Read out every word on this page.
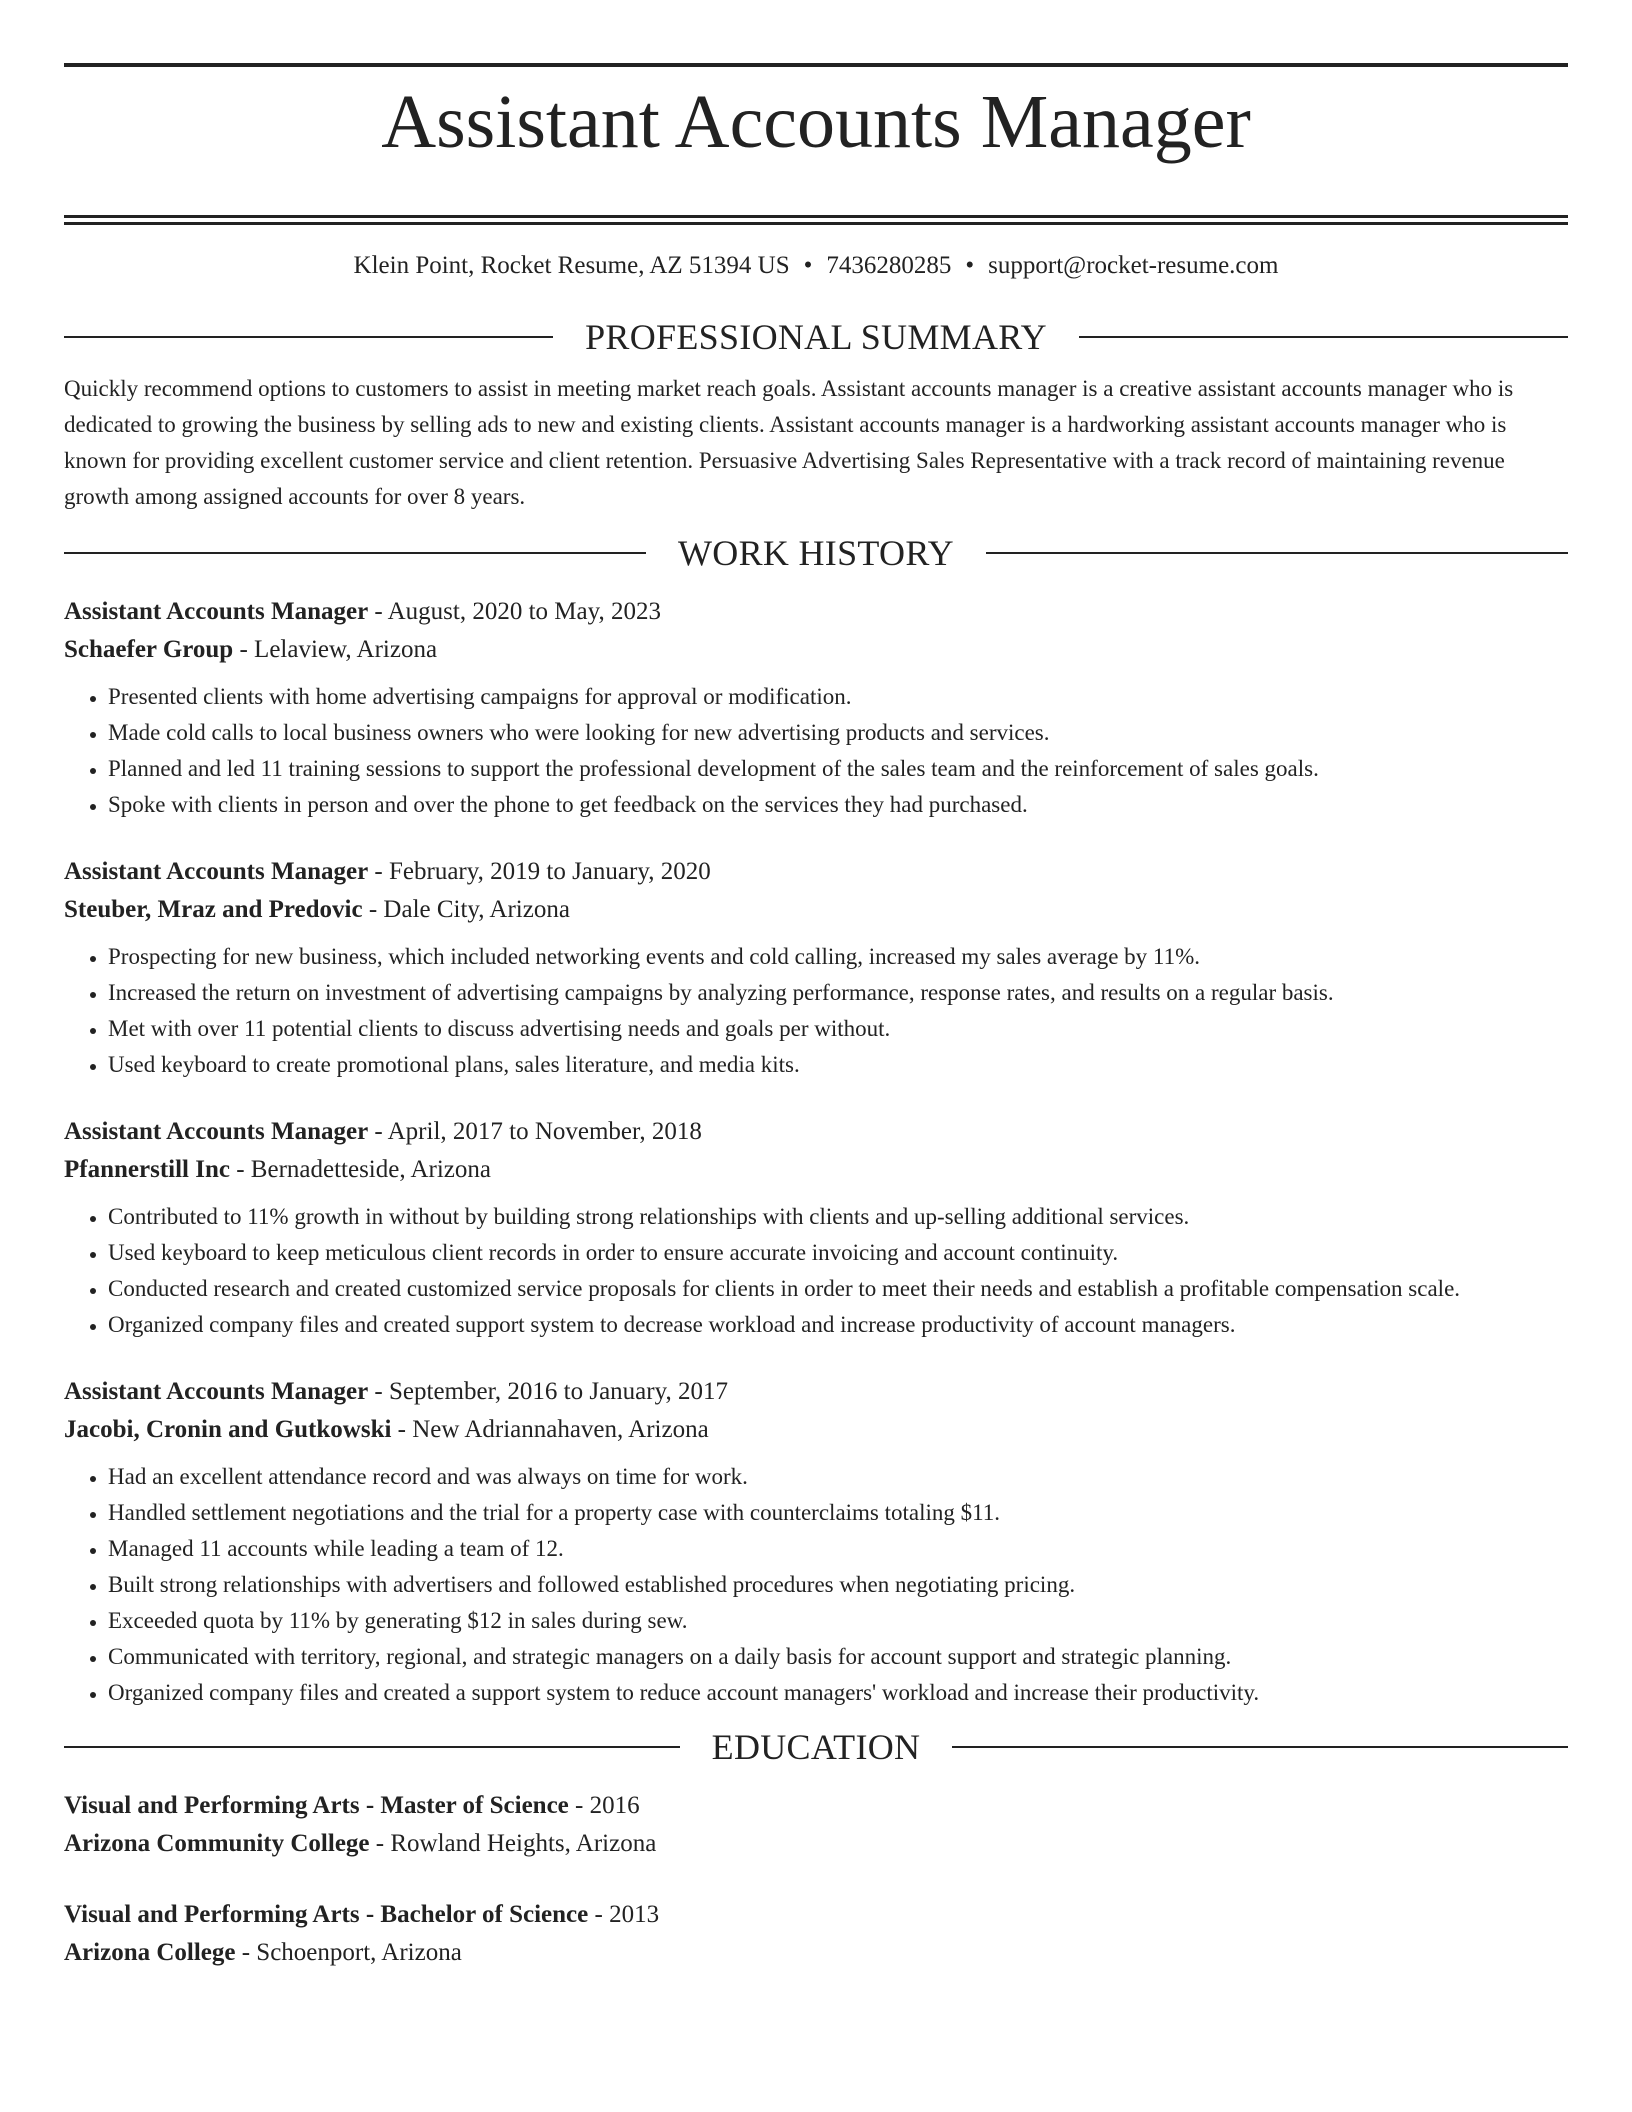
Assistant Accounts Manager
Klein Point, Rocket Resume, AZ 51394 US • 7436280285 • support@rocket-resume.com
PROFESSIONAL SUMMARY

Quickly recommend options to customers to assist in meeting market reach goals. Assistant accounts manager is a creative assistant accounts manager who is dedicated to growing the business by selling ads to new and existing clients. Assistant accounts manager is a hardworking assistant accounts manager who is known for providing excellent customer service and client retention. Persuasive Advertising Sales Representative with a track record of maintaining revenue growth among assigned accounts for over 8 years.

WORK HISTORY

Assistant Accounts Manager - August, 2020 to May, 2023

Schaefer Group - Lelaview, Arizona

• Presented clients with home advertising campaigns for approval or modification.
• Made cold calls to local business owners who were looking for new advertising products and services.
• Planned and led 11 training sessions to support the professional development of the sales team and the reinforcement of sales goals.
• Spoke with clients in person and over the phone to get feedback on the services they had purchased.

Assistant Accounts Manager - February, 2019 to January, 2020

Steuber, Mraz and Predovic - Dale City, Arizona

• Prospecting for new business, which included networking events and cold calling, increased my sales average by 11%.
• Increased the return on investment of advertising campaigns by analyzing performance, response rates, and results on a regular basis.
• Met with over 11 potential clients to discuss advertising needs and goals per without.
• Used keyboard to create promotional plans, sales literature, and media kits.

Assistant Accounts Manager - April, 2017 to November, 2018

Pfannerstill Inc - Bernadetteside, Arizona

• Contributed to 11% growth in without by building strong relationships with clients and up-selling additional services.
• Used keyboard to keep meticulous client records in order to ensure accurate invoicing and account continuity.
• Conducted research and created customized service proposals for clients in order to meet their needs and establish a profitable compensation scale.
• Organized company files and created support system to decrease workload and increase productivity of account managers.

Assistant Accounts Manager - September, 2016 to January, 2017

Jacobi, Cronin and Gutkowski - New Adriannahaven, Arizona

• Had an excellent attendance record and was always on time for work.
• Handled settlement negotiations and the trial for a property case with counterclaims totaling $11.
• Managed 11 accounts while leading a team of 12.
• Built strong relationships with advertisers and followed established procedures when negotiating pricing.
• Exceeded quota by 11% by generating $12 in sales during sew.
• Communicated with territory, regional, and strategic managers on a daily basis for account support and strategic planning.
• Organized company files and created a support system to reduce account managers' workload and increase their productivity.
EDUCATION

Visual and Performing Arts - Master of Science - 2016

Arizona Community College - Rowland Heights, Arizona

Visual and Performing Arts - Bachelor of Science - 2013

Arizona College - Schoenport, Arizona
